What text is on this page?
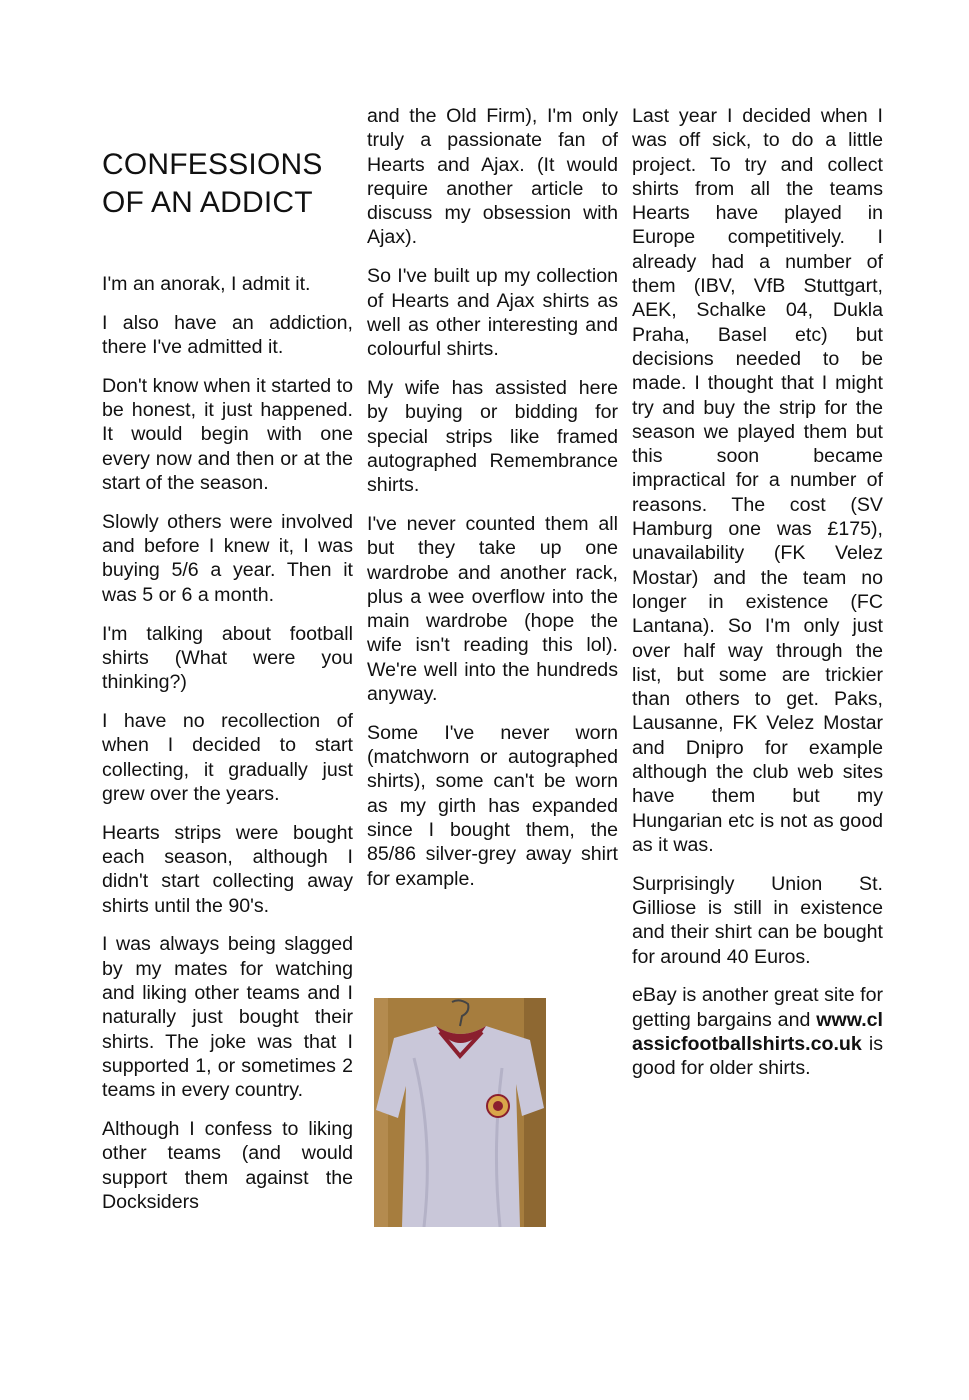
CONFESSIONS
OF AN ADDICT

I'm an anorak, I admit it.

I also have an addiction, there I've admitted it.

Don't know when it started to be honest, it just happened. It would begin with one every now and then or at the start of the season.

Slowly others were involved and before I knew it, I was buying 5/6 a year. Then it was 5 or 6 a month.

I'm talking about football shirts (What were you thinking?)

I have no recollection of when I decided to start collecting, it gradually just grew over the years.

Hearts strips were bought each season, although I didn't start collecting away shirts until the 90's.

I was always being slagged by my mates for watching and liking other teams and I naturally just bought their shirts. The joke was that I supported 1, or sometimes 2 teams in every country.

Although I confess to liking other teams (and would support them against the Docksiders

and the Old Firm), I'm only truly a passionate fan of Hearts and Ajax. (It would require another article to discuss my obsession with Ajax).

So I've built up my collection of Hearts and Ajax shirts as well as other interesting and colourful shirts.

My wife has assisted here by buying or bidding for special strips like framed autographed Remembrance shirts.

I've never counted them all but they take up one wardrobe and another rack, plus a wee overflow into the main wardrobe (hope the wife isn't reading this lol). We're well into the hundreds anyway.

Some I've never worn (matchworn or autographed shirts), some can't be worn as my girth has expanded since I bought them, the 85/86 silver-grey away shirt for example.

Last year I decided when I was off sick, to do a little project. To try and collect shirts from all the teams Hearts have played in Europe competitively. I already had a number of them (IBV, VfB Stuttgart, AEK, Schalke 04, Dukla Praha, Basel etc) but decisions needed to be made. I thought that I might try and buy the strip for the season we played them but this soon became impractical for a number of reasons. The cost (SV Hamburg one was £175), unavailability (FK Velez Mostar) and the team no longer in existence (FC Lantana). So I'm only just over half way through the list, but some are trickier than others to get. Paks, Lausanne, FK Velez Mostar and Dnipro for example although the club web sites have them but my Hungarian etc is not as good as it was.

Surprisingly Union St. Gilliose is still in existence and their shirt can be bought for around 40 Euros.

eBay is another great site for getting bargains and www.classicfootballshirts.co.uk is good for older shirts.
